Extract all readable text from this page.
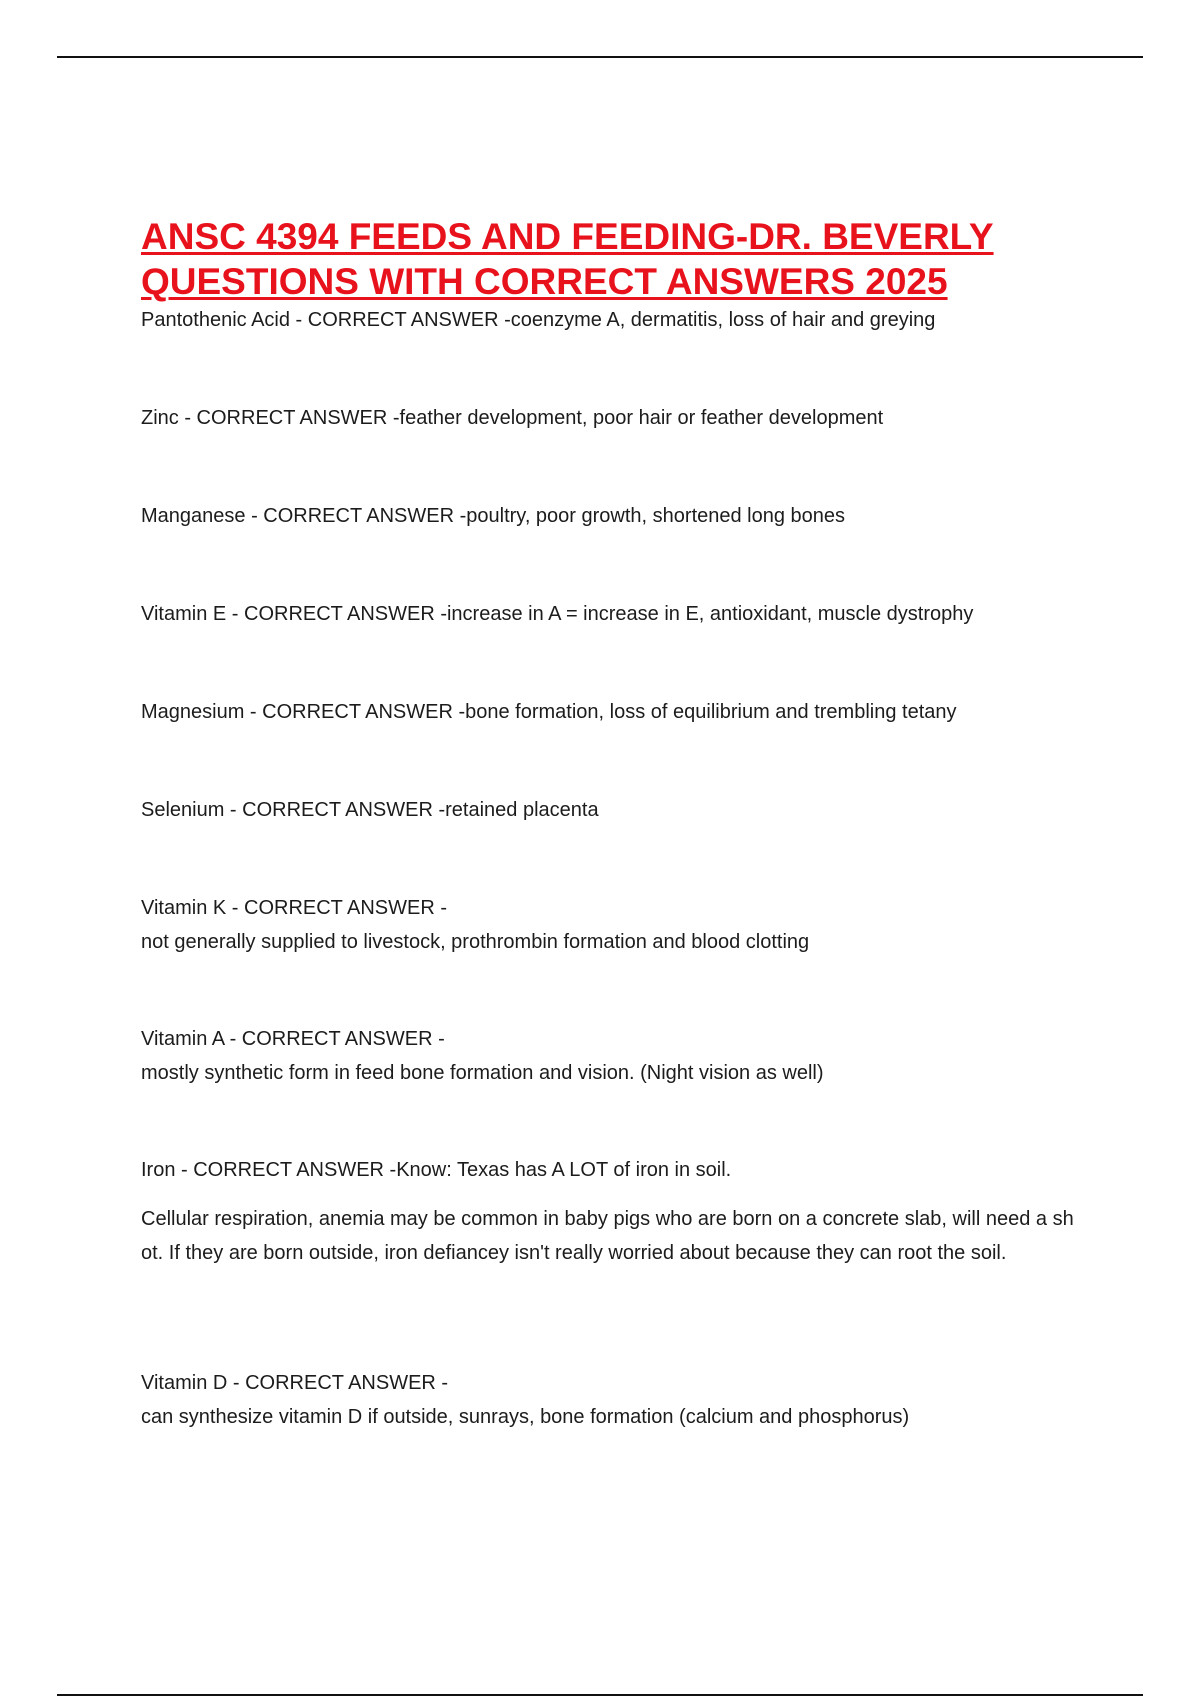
ANSC 4394 FEEDS AND FEEDING-DR. BEVERLY
QUESTIONS WITH CORRECT ANSWERS 2025
Pantothenic Acid - CORRECT ANSWER -coenzyme A, dermatitis, loss of hair and greying
Zinc - CORRECT ANSWER -feather development, poor hair or feather development
Manganese - CORRECT ANSWER -poultry, poor growth, shortened long bones
Vitamin E - CORRECT ANSWER -increase in A = increase in E, antioxidant, muscle dystrophy
Magnesium - CORRECT ANSWER -bone formation, loss of equilibrium and trembling tetany
Selenium - CORRECT ANSWER -retained placenta
Vitamin K - CORRECT ANSWER -
not generally supplied to livestock, prothrombin formation and blood clotting
Vitamin A - CORRECT ANSWER -
mostly synthetic form in feed bone formation and vision. (Night vision as well)
Iron - CORRECT ANSWER -Know: Texas has A LOT of iron in soil.
Cellular respiration, anemia may be common in baby pigs who are born on a concrete slab, will need a shot. If they are born outside, iron defiancey isn't really worried about because they can root the soil.
Vitamin D - CORRECT ANSWER -
can synthesize vitamin D if outside, sunrays, bone formation (calcium and phosphorus)
